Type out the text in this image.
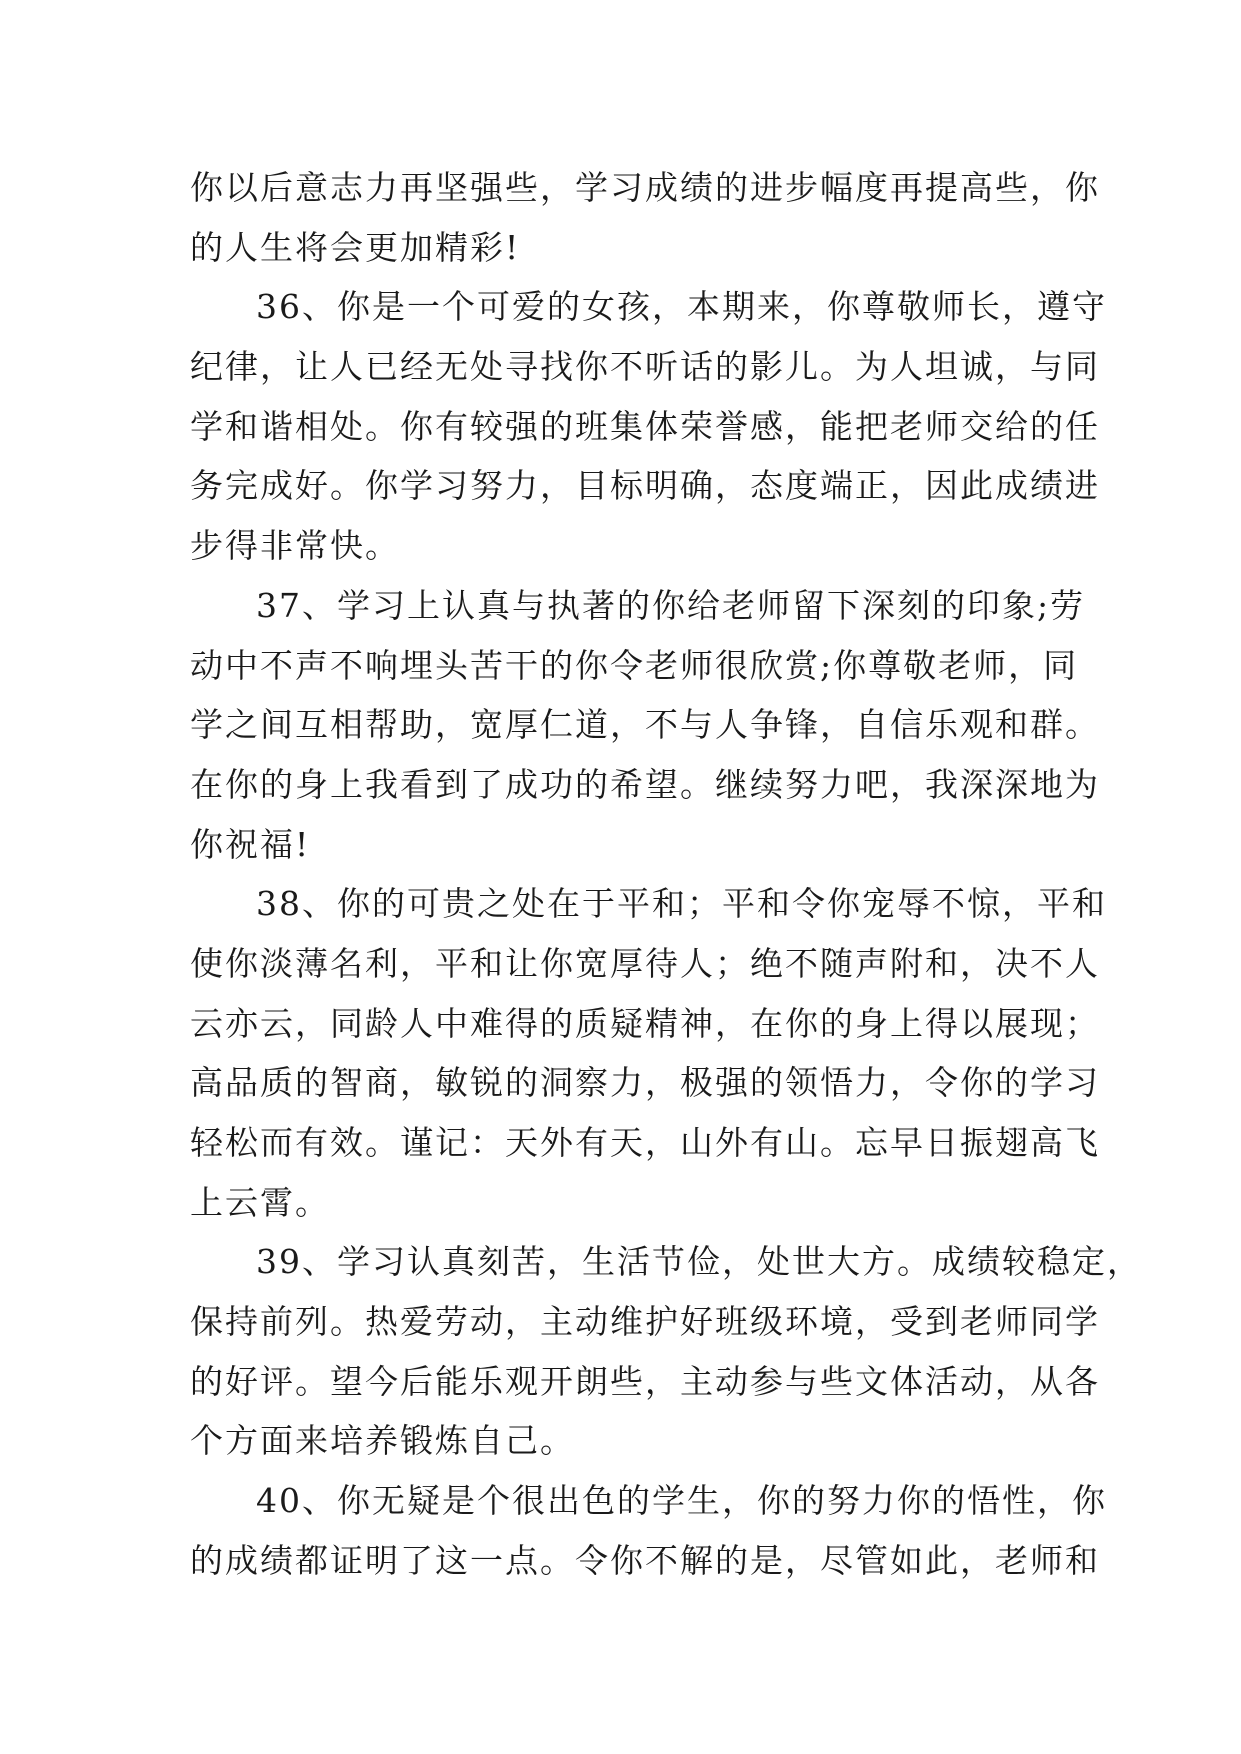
你以后意志力再坚强些，学习成绩的进步幅度再提高些，你
的人生将会更加精彩!
36、你是一个可爱的女孩，本期来，你尊敬师长，遵守
纪律，让人已经无处寻找你不听话的影儿。为人坦诚，与同
学和谐相处。你有较强的班集体荣誉感，能把老师交给的任
务完成好。你学习努力，目标明确，态度端正，因此成绩进
步得非常快。
37、学习上认真与执著的你给老师留下深刻的印象;劳
动中不声不响埋头苦干的你令老师很欣赏;你尊敬老师，同
学之间互相帮助，宽厚仁道，不与人争锋，自信乐观和群。
在你的身上我看到了成功的希望。继续努力吧，我深深地为
你祝福!
38、你的可贵之处在于平和；平和令你宠辱不惊，平和
使你淡薄名利，平和让你宽厚待人；绝不随声附和，决不人
云亦云，同龄人中难得的质疑精神，在你的身上得以展现；
高品质的智商，敏锐的洞察力，极强的领悟力，令你的学习
轻松而有效。谨记：天外有天，山外有山。忘早日振翅高飞
上云霄。
39、学习认真刻苦，生活节俭，处世大方。成绩较稳定，
保持前列。热爱劳动，主动维护好班级环境，受到老师同学
的好评。望今后能乐观开朗些，主动参与些文体活动，从各
个方面来培养锻炼自己。
40、你无疑是个很出色的学生，你的努力你的悟性，你
的成绩都证明了这一点。令你不解的是，尽管如此，老师和
